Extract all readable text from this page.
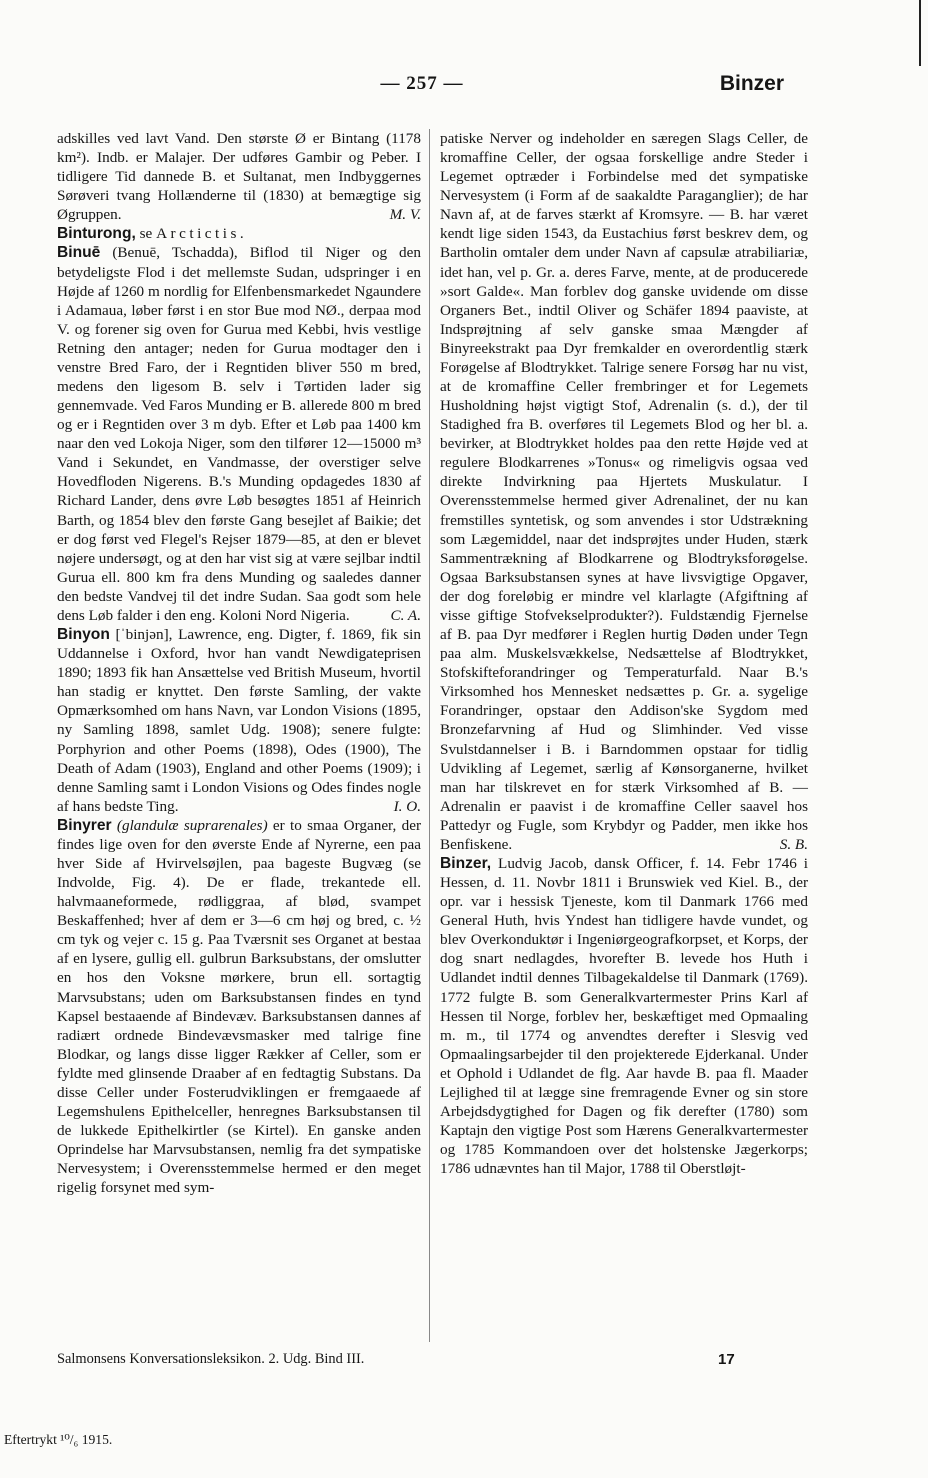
— 257 —	Binzer
adskilles ved lavt Vand. Den største Ø er Bintang (1178 km²). Indb. er Malajer. Der udføres Gambir og Peber. I tidligere Tid dannede B. et Sultanat, men Indbyggernes Sørøveri tvang Hollænderne til (1830) at bemægtige sig Øgruppen.	M. V.
Binturong, se Arctictis.
Binuē (Benuē, Tschadda), Biflod til Niger og den betydeligste Flod i det mellemste Sudan, udspringer i en Højde af 1260 m nordlig for Elfenbensmarkedet Ngaundere i Adamaua, løber først i en stor Bue mod NØ., derpaa mod V. og forener sig oven for Gurua med Kebbi, hvis vestlige Retning den antager; neden for Gurua modtager den i venstre Bred Faro, der i Regntiden bliver 550 m bred, medens den ligesom B. selv i Tørtiden lader sig gennemvade. Ved Faros Munding er B. allerede 800 m bred og er i Regntiden over 3 m dyb. Efter et Løb paa 1400 km naar den ved Lokoja Niger, som den tilfører 12—15000 m³ Vand i Sekundet, en Vandmasse, der overstiger selve Hovedfloden Nigerens. B.'s Munding opdagedes 1830 af Richard Lander, dens øvre Løb besøgtes 1851 af Heinrich Barth, og 1854 blev den første Gang besejlet af Baikie; det er dog først ved Flegel's Rejser 1879—85, at den er blevet nøjere undersøgt, og at den har vist sig at være sejlbar indtil Gurua ell. 800 km fra dens Munding og saaledes danner den bedste Vandvej til det indre Sudan. Saa godt som hele dens Løb falder i den eng. Koloni Nord Nigeria.	C. A.
Binyon [ˈbinjən], Lawrence, eng. Digter, f. 1869, fik sin Uddannelse i Oxford, hvor han vandt Newdigateprisen 1890; 1893 fik han Ansættelse ved British Museum, hvortil han stadig er knyttet. Den første Samling, der vakte Opmærksomhed om hans Navn, var London Visions (1895, ny Samling 1898, samlet Udg. 1908); senere fulgte: Porphyrion and other Poems (1898), Odes (1900), The Death of Adam (1903), England and other Poems (1909); i denne Samling samt i London Visions og Odes findes nogle af hans bedste Ting.	I. O.
Binyrer (glandulæ suprarenales) er to smaa Organer, der findes lige oven for den øverste Ende af Nyrerne, een paa hver Side af Hvirvelsøjlen, paa bageste Bugvæg (se Indvolde, Fig. 4). De er flade, trekantede ell. halvmaaneformede, rødliggraa, af blød, svampet Beskaffenhed; hver af dem er 3—6 cm høj og bred, c. ½ cm tyk og vejer c. 15 g. Paa Tværsnit ses Organet at bestaa af en lysere, gullig ell. gulbrun Barksubstans, der omslutter en hos den Voksne mørkere, brun ell. sortagtig Marvsubstans; uden om Barksubstansen findes en tynd Kapsel bestaaende af Bindevæv. Barksubstansen dannes af radiært ordnede Bindevævsmasker med talrige fine Blodkar, og langs disse ligger Rækker af Celler, som er fyldte med glinsende Draaber af en fedtagtig Substans. Da disse Celler under Fosterudviklingen er fremgaaede af Legemshulens Epithelceller, henregnes Barksubstansen til de lukkede Epithelkirtler (se Kirtel). En ganske anden Oprindelse har Marvsubstansen, nemlig fra det sympatiske Nervesystem; i Overensstemmelse hermed er den meget rigelig forsynet med sym-
patiske Nerver og indeholder en særegen Slags Celler, de kromaffine Celler, der ogsaa forskellige andre Steder i Legemet optræder i Forbindelse med det sympatiske Nervesystem (i Form af de saakaldte Paraganglier); de har Navn af, at de farves stærkt af Kromsyre. — B. har været kendt lige siden 1543, da Eustachius først beskrev dem, og Bartholin omtaler dem under Navn af capsulæ atrabiliariæ, idet han, vel p. Gr. a. deres Farve, mente, at de producerede »sort Galde«. Man forblev dog ganske uvidende om disse Organers Bet., indtil Oliver og Schäfer 1894 paaviste, at Indsprøjtning af selv ganske smaa Mængder af Binyreekstrakt paa Dyr fremkalder en overordentlig stærk Forøgelse af Blodtrykket. Talrige senere Forsøg har nu vist, at de kromaffine Celler frembringer et for Legemets Husholdning højst vigtigt Stof, Adrenalin (s. d.), der til Stadighed fra B. overføres til Legemets Blod og her bl. a. bevirker, at Blodtrykket holdes paa den rette Højde ved at regulere Blodkarrenes »Tonus« og rimeligvis ogsaa ved direkte Indvirkning paa Hjertets Muskulatur. I Overensstemmelse hermed giver Adrenalinet, der nu kan fremstilles syntetisk, og som anvendes i stor Udstrækning som Lægemiddel, naar det indsprøjtes under Huden, stærk Sammentrækning af Blodkarrene og Blodtryksforøgelse. Ogsaa Barksubstansen synes at have livsvigtige Opgaver, der dog foreløbig er mindre vel klarlagte (Afgiftning af visse giftige Stofvekselprodukter?). Fuldstændig Fjernelse af B. paa Dyr medfører i Reglen hurtig Døden under Tegn paa alm. Muskelsvækkelse, Nedsættelse af Blodtrykket, Stofskifteforandringer og Temperaturfald. Naar B.'s Virksomhed hos Mennesket nedsættes p. Gr. a. sygelige Forandringer, opstaar den Addison'ske Sygdom med Bronzefarvning af Hud og Slimhinder. Ved visse Svulstdannelser i B. i Barndommen opstaar for tidlig Udvikling af Legemet, særlig af Kønsorganerne, hvilket man har tilskrevet en for stærk Virksomhed af B. — Adrenalin er paavist i de kromaffine Celler saavel hos Pattedyr og Fugle, som Krybdyr og Padder, men ikke hos Benfiskene.	S. B.
Binzer, Ludvig Jacob, dansk Officer, f. 14. Febr 1746 i Hessen, d. 11. Novbr 1811 i Brunswiek ved Kiel. B., der opr. var i hessisk Tjeneste, kom til Danmark 1766 med General Huth, hvis Yndest han tidligere havde vundet, og blev Overkonduktør i Ingeniørgeografkorpset, et Korps, der dog snart nedlagdes, hvorefter B. levede hos Huth i Udlandet indtil dennes Tilbagekaldelse til Danmark (1769). 1772 fulgte B. som Generalkvartermester Prins Karl af Hessen til Norge, forblev her, beskæftiget med Opmaaling m. m., til 1774 og anvendtes derefter i Slesvig ved Opmaalingsarbejder til den projekterede Ejderkanal. Under et Ophold i Udlandet de flg. Aar havde B. paa fl. Maader Lejlighed til at lægge sine fremragende Evner og sin store Arbejdsdygtighed for Dagen og fik derefter (1780) som Kaptajn den vigtige Post som Hærens Generalkvartermester og 1785 Kommandoen over det holstenske Jægerkorps; 1786 udnævntes han til Major, 1788 til Oberstløjt-
Salmonsens Konversationsleksikon. 2. Udg. Bind III.	17
Eftertrykt ¹⁰/₆ 1915.
